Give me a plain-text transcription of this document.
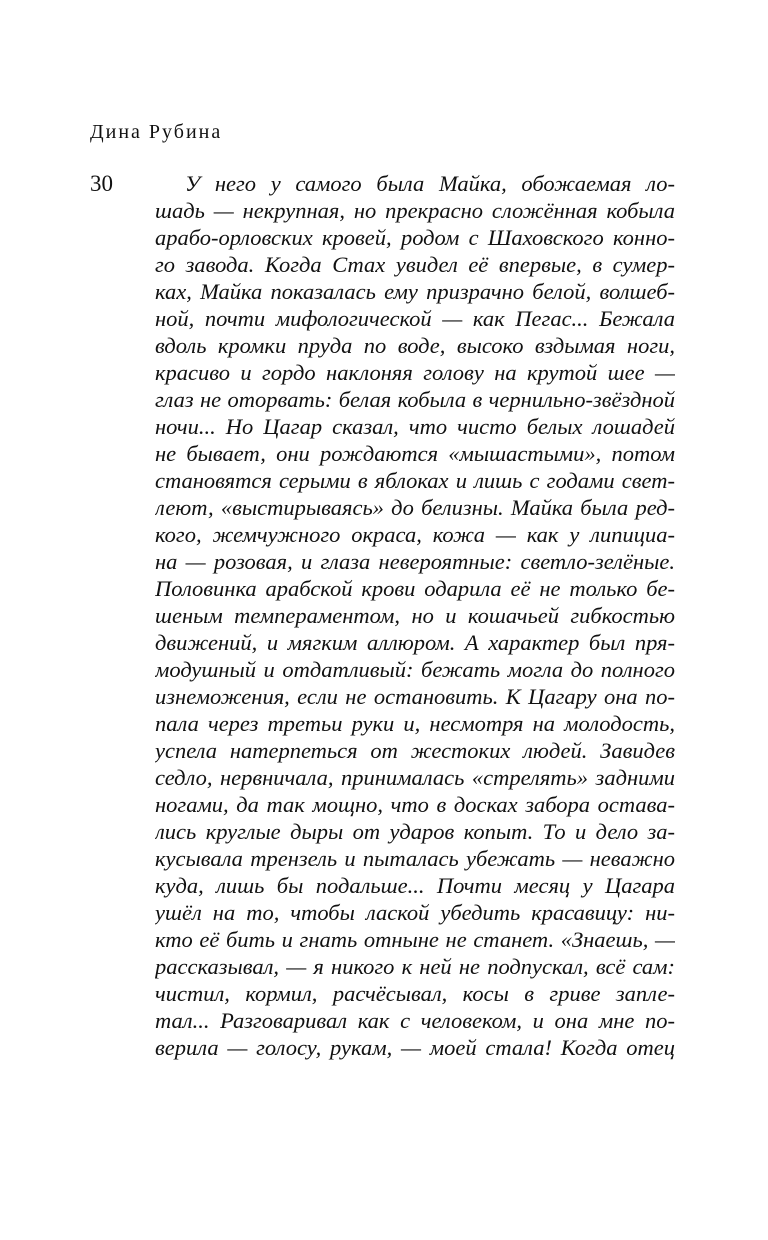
Дина Рубина

30	У него у самого была Майка, обожаемая ло-
шадь — некрупная, но прекрасно сложённая кобыла
арабо-орловских кровей, родом с Шаховского конно-
го завода. Когда Стах увидел её впервые, в сумер-
ках, Майка показалась ему призрачно белой, волшеб-
ной, почти мифологической — как Пегас... Бежала
вдоль кромки пруда по воде, высоко вздымая ноги,
красиво и гордо наклоняя голову на крутой шее —
глаз не оторвать: белая кобыла в чернильно-звёздной
ночи... Но Цагар сказал, что чисто белых лошадей
не бывает, они рождаются «мышастыми», потом
становятся серыми в яблоках и лишь с годами свет-
леют, «выстирываясь» до белизны. Майка была ред-
кого, жемчужного окраса, кожа — как у липициа-
на — розовая, и глаза невероятные: светло-зелёные.
Половинка арабской крови одарила её не только бе-
шеным темпераментом, но и кошачьей гибкостью
движений, и мягким аллюром. А характер был пря-
модушный и отдатливый: бежать могла до полного
изнеможения, если не остановить. К Цагару она по-
пала через третьи руки и, несмотря на молодость,
успела натерпеться от жестоких людей. Завидев
седло, нервничала, принималась «стрелять» задними
ногами, да так мощно, что в досках забора остава-
лись круглые дыры от ударов копыт. То и дело за-
кусывала трензель и пыталась убежать — неважно
куда, лишь бы подальше... Почти месяц у Цагара
ушёл на то, чтобы лаской убедить красавицу: ни-
кто её бить и гнать отныне не станет. «Знаешь, —
рассказывал, — я никого к ней не подпускал, всё сам:
чистил, кормил, расчёсывал, косы в гриве запле-
тал... Разговаривал как с человеком, и она мне по-
верила — голосу, рукам, — моей стала! Когда отец
